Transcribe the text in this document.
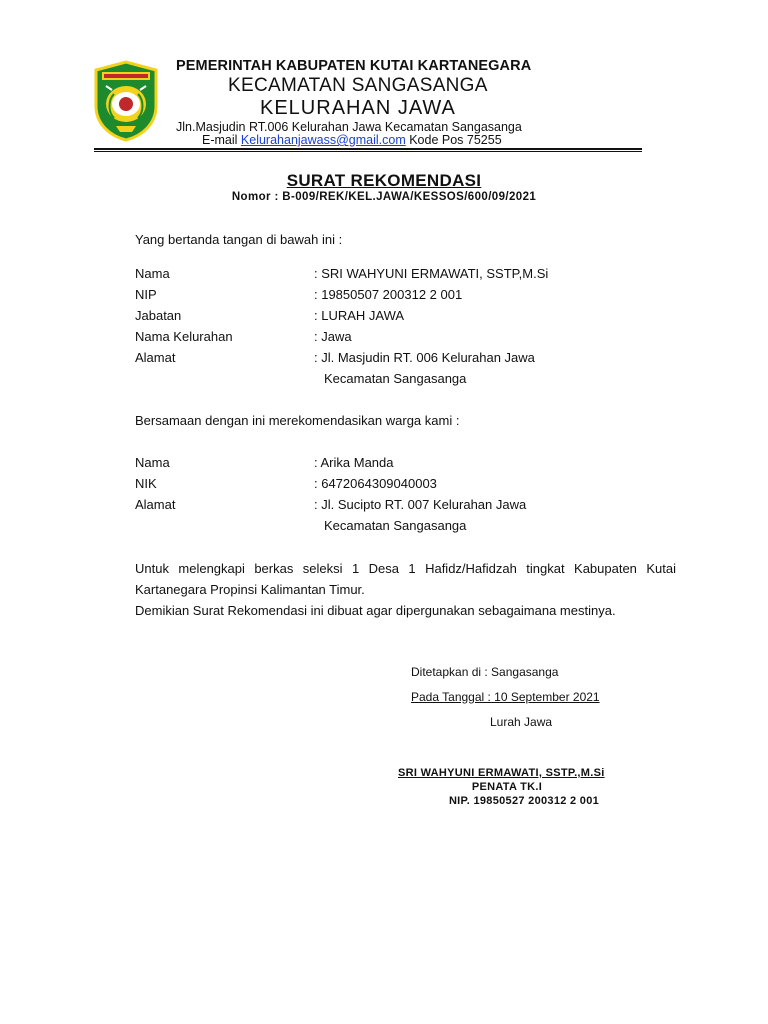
PEMERINTAH KABUPATEN KUTAI KARTANEGARA
KECAMATAN SANGASANGA
KELURAHAN JAWA
Jln.Masjudin RT.006 Kelurahan Jawa Kecamatan Sangasanga
E-mail Kelurahanjawass@gmail.com Kode Pos 75255
SURAT REKOMENDASI
Nomor : B-009/REK/KEL.JAWA/KESSOS/600/09/2021
Yang bertanda tangan di bawah ini :
Nama	: SRI WAHYUNI ERMAWATI, SSTP,M.Si
NIP	: 19850507 200312 2 001
Jabatan	: LURAH JAWA
Nama Kelurahan	: Jawa
Alamat	: Jl. Masjudin RT. 006 Kelurahan Jawa
Kecamatan Sangasanga
Bersamaan dengan ini merekomendasikan warga kami :
Nama	: Arika Manda
NIK	: 6472064309040003
Alamat	: Jl. Sucipto RT. 007 Kelurahan Jawa
Kecamatan Sangasanga
Untuk melengkapi berkas seleksi 1 Desa 1 Hafidz/Hafidzah tingkat Kabupaten Kutai Kartanegara Propinsi Kalimantan Timur.
Demikian Surat Rekomendasi ini dibuat agar dipergunakan sebagaimana mestinya.
Ditetapkan di : Sangasanga
Pada Tanggal : 10 September 2021
Lurah Jawa
SRI WAHYUNI ERMAWATI, SSTP.,M.Si
PENATA TK.I
NIP. 19850527 200312 2 001
